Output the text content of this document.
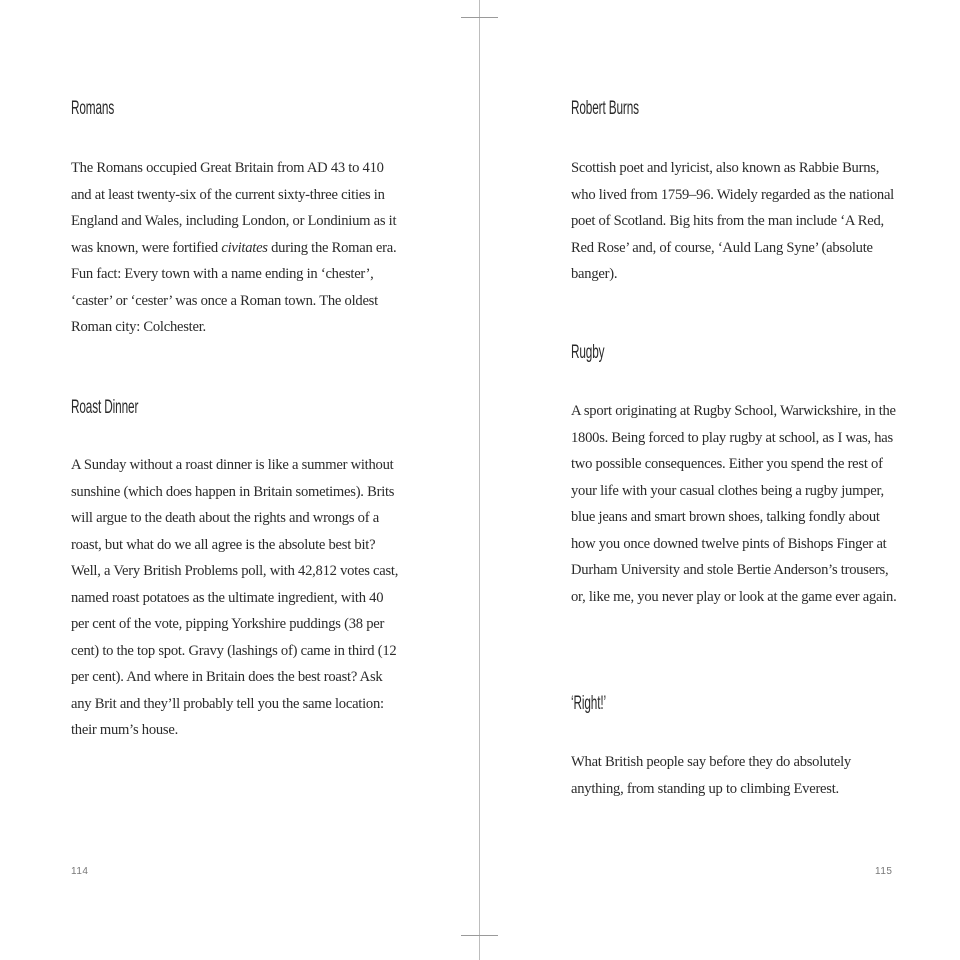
Romans

The Romans occupied Great Britain from AD 43 to 410 and at least twenty-six of the current sixty-three cities in England and Wales, including London, or Londinium as it was known, were fortified civitates during the Roman era. Fun fact: Every town with a name ending in ‘chester’, ‘caster’ or ‘cester’ was once a Roman town. The oldest Roman city: Colchester.

Roast Dinner

A Sunday without a roast dinner is like a summer without sunshine (which does happen in Britain sometimes). Brits will argue to the death about the rights and wrongs of a roast, but what do we all agree is the absolute best bit? Well, a Very British Problems poll, with 42,812 votes cast, named roast potatoes as the ultimate ingredient, with 40 per cent of the vote, pipping Yorkshire puddings (38 per cent) to the top spot. Gravy (lashings of) came in third (12 per cent). And where in Britain does the best roast? Ask any Brit and they’ll probably tell you the same location: their mum’s house.

114
Robert Burns

Scottish poet and lyricist, also known as Rabbie Burns, who lived from 1759–96. Widely regarded as the national poet of Scotland. Big hits from the man include ‘A Red, Red Rose’ and, of course, ‘Auld Lang Syne’ (absolute banger).

Rugby

A sport originating at Rugby School, Warwickshire, in the 1800s. Being forced to play rugby at school, as I was, has two possible consequences. Either you spend the rest of your life with your casual clothes being a rugby jumper, blue jeans and smart brown shoes, talking fondly about how you once downed twelve pints of Bishops Finger at Durham University and stole Bertie Anderson’s trousers, or, like me, you never play or look at the game ever again.

‘Right!’

What British people say before they do absolutely anything, from standing up to climbing Everest.

115
